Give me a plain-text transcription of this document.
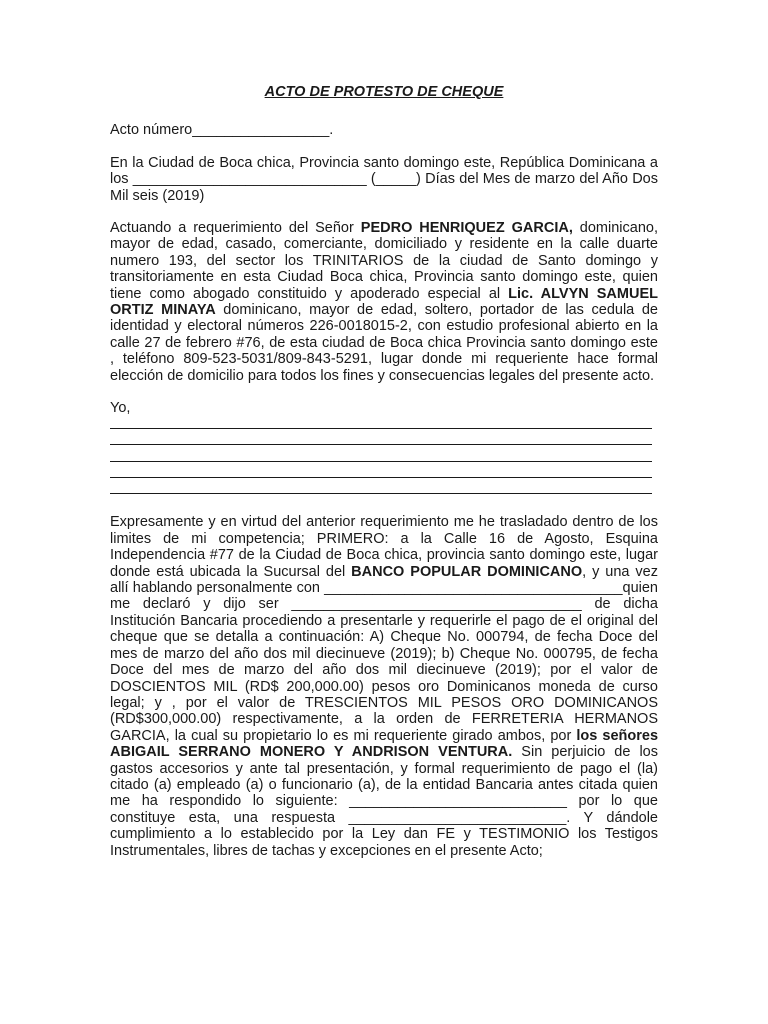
ACTO DE PROTESTO DE CHEQUE

Acto número_________________.

En la Ciudad de Boca chica, Provincia santo domingo este, República Dominicana a los _____________________________ (_____) Días del Mes de marzo del Año Dos Mil seis (2019)

Actuando a requerimiento del Señor PEDRO HENRIQUEZ GARCIA, dominicano, mayor de edad, casado, comerciante, domiciliado y residente en la calle duarte numero 193, del sector los TRINITARIOS de la ciudad de Santo domingo y transitoriamente en esta Ciudad Boca chica, Provincia santo domingo este, quien tiene como abogado constituido y apoderado especial al Lic. ALVYN SAMUEL ORTIZ MINAYA dominicano, mayor de edad, soltero, portador de las cedula de identidad y electoral números 226-0018015-2, con estudio profesional abierto en la calle 27 de febrero #76, de esta ciudad de Boca chica Provincia santo domingo este , teléfono 809-523-5031/809-843-5291, lugar donde mi requeriente hace formal elección de domicilio para todos los fines y consecuencias legales del presente acto.

Yo,

Expresamente y en virtud del anterior requerimiento me he trasladado dentro de los limites de mi competencia; PRIMERO: a la Calle 16 de Agosto, Esquina Independencia #77 de la Ciudad de Boca chica, provincia santo domingo este, lugar donde está ubicada la Sucursal del BANCO POPULAR DOMINICANO, y una vez allí hablando personalmente con _____________________________________quien me declaró y dijo ser ____________________________________ de dicha Institución Bancaria procediendo a presentarle y requerirle el pago de el original del cheque que se detalla a continuación: A) Cheque No. 000794, de fecha Doce del mes de marzo del año dos mil diecinueve (2019); b) Cheque No. 000795, de fecha Doce del mes de marzo del año dos mil diecinueve (2019); por el valor de DOSCIENTOS MIL (RD$ 200,000.00) pesos oro Dominicanos moneda de curso legal; y , por el valor de TRESCIENTOS MIL PESOS ORO DOMINICANOS (RD$300,000.00) respectivamente, a la orden de FERRETERIA HERMANOS GARCIA, la cual su propietario lo es mi requeriente girado ambos, por los señores ABIGAIL SERRANO MONERO Y ANDRISON VENTURA. Sin perjuicio de los gastos accesorios y ante tal presentación, y formal requerimiento de pago el (la) citado (a) empleado (a) o funcionario (a), de la entidad Bancaria antes citada quien me ha respondido lo siguiente: ___________________________ por lo que constituye esta, una respuesta ___________________________. Y dándole cumplimiento a lo establecido por la Ley dan FE y TESTIMONIO los Testigos Instrumentales, libres de tachas y excepciones en el presente Acto;
